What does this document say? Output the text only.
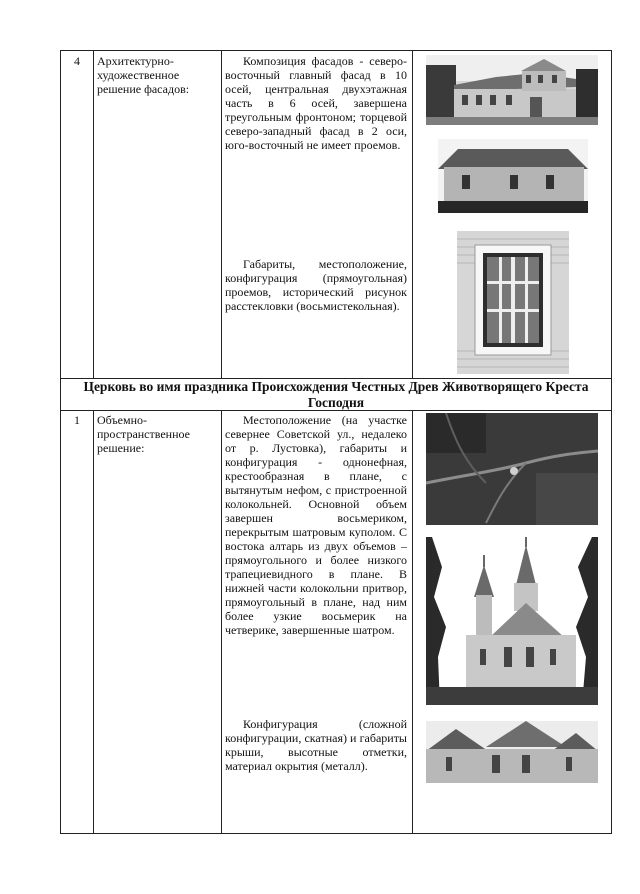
4	Архитектурно-художественное решение фасадов:
Композиция фасадов - северо-восточный главный фасад в 10 осей, центральная двухэтажная часть в 6 осей, завершена треугольным фронтоном; торцевой северо-западный фасад в 2 оси, юго-восточный не имеет проемов.
Габариты, местоположение, конфигурация (прямоугольная) проемов, исторический рисунок расстекловки (восьмистекольная).
Церковь во имя праздника Происхождения Честных Древ Животворящего Креста Господня
1	Объемно-пространственное решение:
Местоположение (на участке севернее Советской ул., недалеко от р. Лустовка), габариты и конфигурация - однонефная, крестообразная в плане, с вытянутым нефом, с пристроенной колокольней. Основной объем завершен восьмериком, перекрытым шатровым куполом. С востока алтарь из двух объемов – прямоугольного и более низкого трапециевидного в плане. В нижней части колокольни притвор, прямоугольный в плане, над ним более узкие восьмерик на четверике, завершенные шатром.
Конфигурация (сложной конфигурации, скатная) и габариты крыши, высотные отметки, материал окрытия (металл).
